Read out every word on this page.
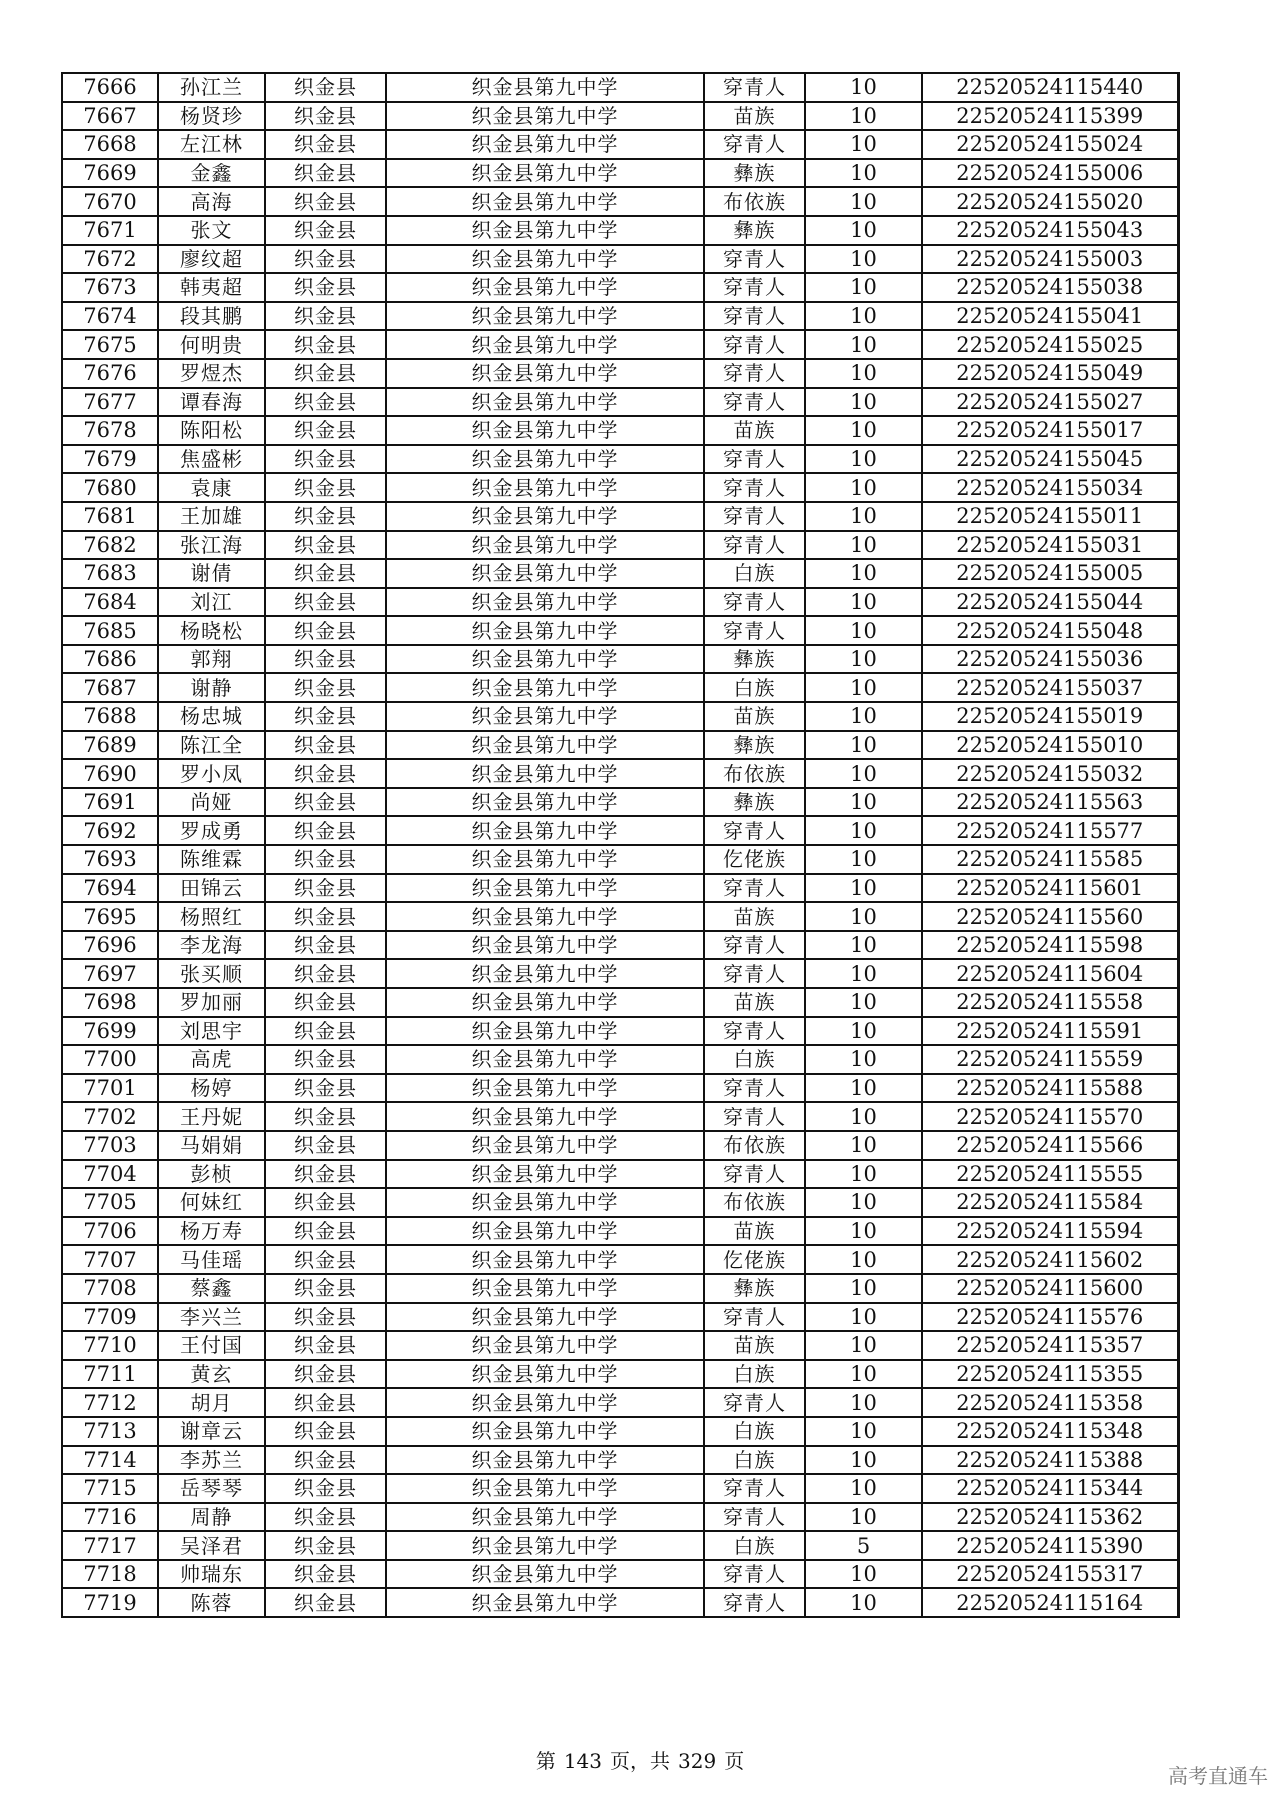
7666	孙江兰	织金县	织金县第九中学	穿青人	10	22520524115440
7667	杨贤珍	织金县	织金县第九中学	苗族	10	22520524115399
7668	左江林	织金县	织金县第九中学	穿青人	10	22520524155024
7669	金鑫	织金县	织金县第九中学	彝族	10	22520524155006
7670	高海	织金县	织金县第九中学	布依族	10	22520524155020
7671	张文	织金县	织金县第九中学	彝族	10	22520524155043
7672	廖纹超	织金县	织金县第九中学	穿青人	10	22520524155003
7673	韩夷超	织金县	织金县第九中学	穿青人	10	22520524155038
7674	段其鹏	织金县	织金县第九中学	穿青人	10	22520524155041
7675	何明贵	织金县	织金县第九中学	穿青人	10	22520524155025
7676	罗煜杰	织金县	织金县第九中学	穿青人	10	22520524155049
7677	谭春海	织金县	织金县第九中学	穿青人	10	22520524155027
7678	陈阳松	织金县	织金县第九中学	苗族	10	22520524155017
7679	焦盛彬	织金县	织金县第九中学	穿青人	10	22520524155045
7680	袁康	织金县	织金县第九中学	穿青人	10	22520524155034
7681	王加雄	织金县	织金县第九中学	穿青人	10	22520524155011
7682	张江海	织金县	织金县第九中学	穿青人	10	22520524155031
7683	谢倩	织金县	织金县第九中学	白族	10	22520524155005
7684	刘江	织金县	织金县第九中学	穿青人	10	22520524155044
7685	杨晓松	织金县	织金县第九中学	穿青人	10	22520524155048
7686	郭翔	织金县	织金县第九中学	彝族	10	22520524155036
7687	谢静	织金县	织金县第九中学	白族	10	22520524155037
7688	杨忠城	织金县	织金县第九中学	苗族	10	22520524155019
7689	陈江全	织金县	织金县第九中学	彝族	10	22520524155010
7690	罗小凤	织金县	织金县第九中学	布依族	10	22520524155032
7691	尚娅	织金县	织金县第九中学	彝族	10	22520524115563
7692	罗成勇	织金县	织金县第九中学	穿青人	10	22520524115577
7693	陈维霖	织金县	织金县第九中学	仡佬族	10	22520524115585
7694	田锦云	织金县	织金县第九中学	穿青人	10	22520524115601
7695	杨照红	织金县	织金县第九中学	苗族	10	22520524115560
7696	李龙海	织金县	织金县第九中学	穿青人	10	22520524115598
7697	张买顺	织金县	织金县第九中学	穿青人	10	22520524115604
7698	罗加丽	织金县	织金县第九中学	苗族	10	22520524115558
7699	刘思宇	织金县	织金县第九中学	穿青人	10	22520524115591
7700	高虎	织金县	织金县第九中学	白族	10	22520524115559
7701	杨婷	织金县	织金县第九中学	穿青人	10	22520524115588
7702	王丹妮	织金县	织金县第九中学	穿青人	10	22520524115570
7703	马娟娟	织金县	织金县第九中学	布依族	10	22520524115566
7704	彭桢	织金县	织金县第九中学	穿青人	10	22520524115555
7705	何妹红	织金县	织金县第九中学	布依族	10	22520524115584
7706	杨万寿	织金县	织金县第九中学	苗族	10	22520524115594
7707	马佳瑶	织金县	织金县第九中学	仡佬族	10	22520524115602
7708	蔡鑫	织金县	织金县第九中学	彝族	10	22520524115600
7709	李兴兰	织金县	织金县第九中学	穿青人	10	22520524115576
7710	王付国	织金县	织金县第九中学	苗族	10	22520524115357
7711	黄玄	织金县	织金县第九中学	白族	10	22520524115355
7712	胡月	织金县	织金县第九中学	穿青人	10	22520524115358
7713	谢章云	织金县	织金县第九中学	白族	10	22520524115348
7714	李苏兰	织金县	织金县第九中学	白族	10	22520524115388
7715	岳琴琴	织金县	织金县第九中学	穿青人	10	22520524115344
7716	周静	织金县	织金县第九中学	穿青人	10	22520524115362
7717	吴泽君	织金县	织金县第九中学	白族	5	22520524115390
7718	帅瑞东	织金县	织金县第九中学	穿青人	10	22520524155317
7719	陈蓉	织金县	织金县第九中学	穿青人	10	22520524115164
第 143 页，共 329 页
高考直通车
